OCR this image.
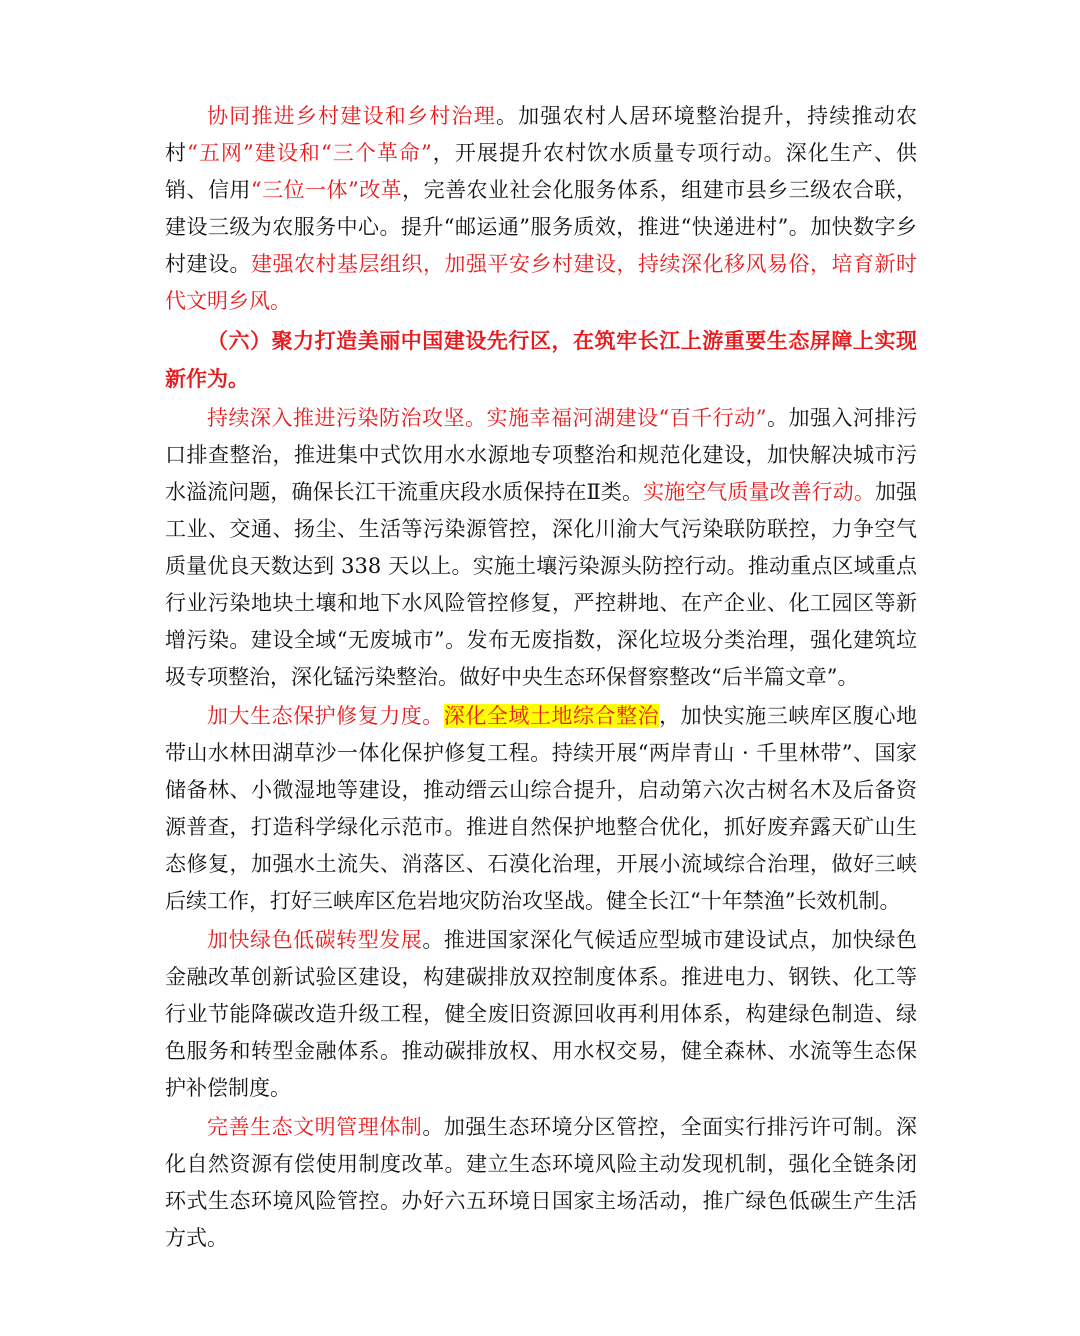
协同推进乡村建设和乡村治理。加强农村人居环境整治提升，持续推动农村“五网”建设和“三个革命”，开展提升农村饮水质量专项行动。深化生产、供销、信用“三位一体”改革，完善农业社会化服务体系，组建市县乡三级农合联，建设三级为农服务中心。提升“邮运通”服务质效，推进“快递进村”。加快数字乡村建设。建强农村基层组织，加强平安乡村建设，持续深化移风易俗，培育新时代文明乡风。

（六）聚力打造美丽中国建设先行区，在筑牢长江上游重要生态屏障上实现新作为。

持续深入推进污染防治攻坚。实施幸福河湖建设“百千行动”。加强入河排污口排查整治，推进集中式饮用水水源地专项整治和规范化建设，加快解决城市污水溢流问题，确保长江干流重庆段水质保持在Ⅱ类。实施空气质量改善行动。加强工业、交通、扬尘、生活等污染源管控，深化川渝大气污染联防联控，力争空气质量优良天数达到 338 天以上。实施土壤污染源头防控行动。推动重点区域重点行业污染地块土壤和地下水风险管控修复，严控耕地、在产企业、化工园区等新增污染。建设全域“无废城市”。发布无废指数，深化垃圾分类治理，强化建筑垃圾专项整治，深化锰污染整治。做好中央生态环保督察整改“后半篇文章”。

加大生态保护修复力度。深化全域土地综合整治，加快实施三峡库区腹心地带山水林田湖草沙一体化保护修复工程。持续开展“两岸青山 · 千里林带”、国家储备林、小微湿地等建设，推动缙云山综合提升，启动第六次古树名木及后备资源普查，打造科学绿化示范市。推进自然保护地整合优化，抓好废弃露天矿山生态修复，加强水土流失、消落区、石漠化治理，开展小流域综合治理，做好三峡后续工作，打好三峡库区危岩地灾防治攻坚战。健全长江“十年禁渔”长效机制。

加快绿色低碳转型发展。推进国家深化气候适应型城市建设试点，加快绿色金融改革创新试验区建设，构建碳排放双控制度体系。推进电力、钢铁、化工等行业节能降碳改造升级工程，健全废旧资源回收再利用体系，构建绿色制造、绿色服务和转型金融体系。推动碳排放权、用水权交易，健全森林、水流等生态保护补偿制度。

完善生态文明管理体制。加强生态环境分区管控，全面实行排污许可制。深化自然资源有偿使用制度改革。建立生态环境风险主动发现机制，强化全链条闭环式生态环境风险管控。办好六五环境日国家主场活动，推广绿色低碳生产生活方式。
